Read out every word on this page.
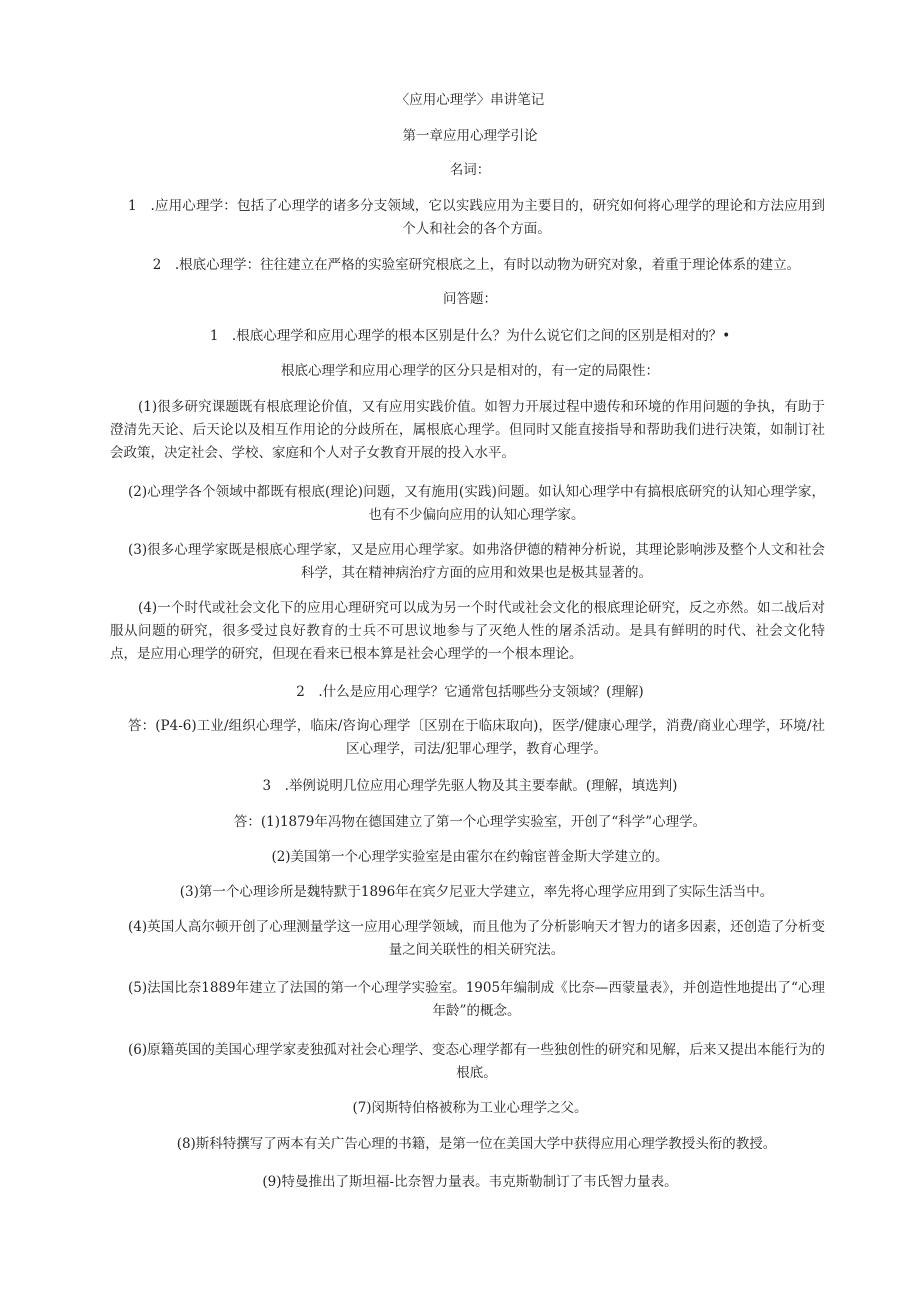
〈应用心理学〉串讲笔记

第一章应用心理学引论

名词：

1　.应用心理学：包括了心理学的诸多分支领域，它以实践应用为主要目的，研究如何将心理学的理论和方法应用到个人和社会的各个方面。

2　.根底心理学：往往建立在严格的实验室研究根底之上，有时以动物为研究对象，着重于理论体系的建立。

问答题：

1　.根底心理学和应用心理学的根本区别是什么？为什么说它们之间的区别是相对的？•

根底心理学和应用心理学的区分只是相对的，有一定的局限性：

(1)很多研究课题既有根底理论价值，又有应用实践价值。如智力开展过程中遗传和环境的作用问题的争执，有助于澄清先天论、后天论以及相互作用论的分歧所在，属根底心理学。但同时又能直接指导和帮助我们进行决策，如制订社会政策，决定社会、学校、家庭和个人对子女教育开展的投入水平。

(2)心理学各个领域中都既有根底(理论)问题，又有施用(实践)问题。如认知心理学中有搞根底研究的认知心理学家，也有不少偏向应用的认知心理学家。

(3)很多心理学家既是根底心理学家，又是应用心理学家。如弗洛伊德的精神分析说，其理论影响涉及整个人文和社会科学，其在精神病治疗方面的应用和效果也是极其显著的。

(4)一个时代或社会文化下的应用心理研究可以成为另一个时代或社会文化的根底理论研究，反之亦然。如二战后对服从问题的研究，很多受过良好教育的士兵不可思议地参与了灭绝人性的屠杀活动。是具有鲜明的时代、社会文化特点，是应用心理学的研究，但现在看来已根本算是社会心理学的一个根本理论。

2　.什么是应用心理学？它通常包括哪些分支领域？(理解)

答：(P4-6)工业/组织心理学，临床/咨询心理学〔区别在于临床取向)，医学/健康心理学，消费/商业心理学，环境/社区心理学，司法/犯罪心理学，教育心理学。

3　.举例说明几位应用心理学先驱人物及其主要奉献。(理解，填选判)

答：(1)1879年冯物在德国建立了第一个心理学实验室，开创了“科学”心理学。

(2)美国第一个心理学实验室是由霍尔在约翰宦普金斯大学建立的。

(3)第一个心理诊所是魏特默于1896年在宾夕尼亚大学建立，率先将心理学应用到了实际生活当中。

(4)英国人高尔顿开创了心理测量学这一应用心理学领域，而且他为了分析影响天才智力的诸多因素，还创造了分析变量之间关联性的相关研究法。

(5)法国比奈1889年建立了法国的第一个心理学实验室。1905年编制成《比奈—西蒙量表》，并创造性地提出了“心理年龄”的概念。

(6)原籍英国的美国心理学家麦独孤对社会心理学、变态心理学都有一些独创性的研究和见解，后来又提出本能行为的根底。

(7)闵斯特伯格被称为工业心理学之父。

(8)斯科特撰写了两本有关广告心理的书籍，是第一位在美国大学中获得应用心理学教授头衔的教授。

(9)特曼推出了斯坦福-比奈智力量表。韦克斯勒制订了韦氏智力量表。
